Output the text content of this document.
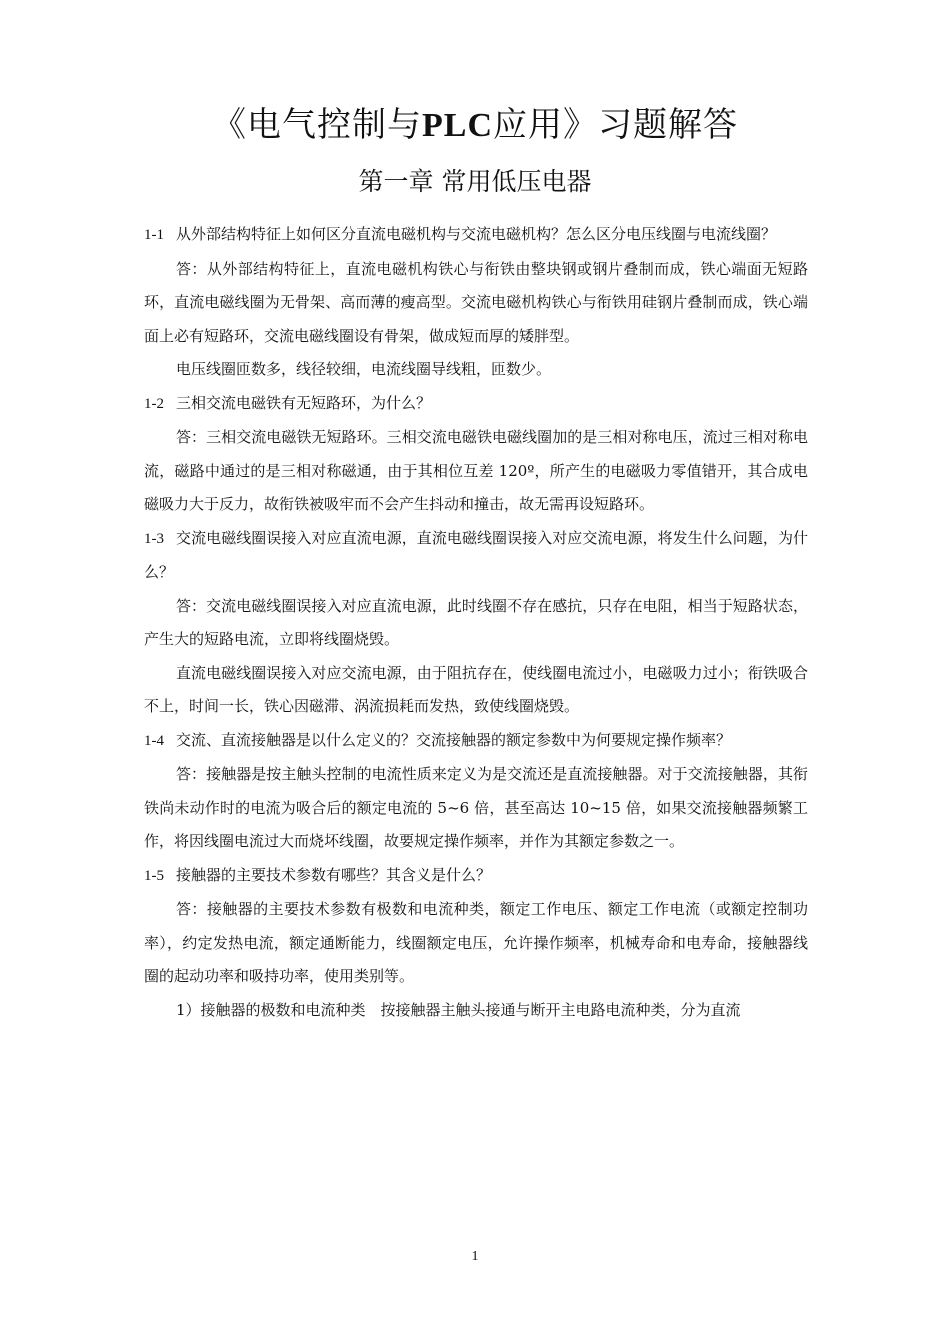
《电气控制与PLC应用》习题解答
第一章 常用低压电器

1-1 从外部结构特征上如何区分直流电磁机构与交流电磁机构？怎么区分电压线圈与电流线圈？

答：从外部结构特征上，直流电磁机构铁心与衔铁由整块钢或钢片叠制而成，铁心端面无短路环，直流电磁线圈为无骨架、高而薄的瘦高型。交流电磁机构铁心与衔铁用硅钢片叠制而成，铁心端面上必有短路环，交流电磁线圈设有骨架，做成短而厚的矮胖型。

电压线圈匝数多，线径较细，电流线圈导线粗，匝数少。

1-2 三相交流电磁铁有无短路环，为什么？

答：三相交流电磁铁无短路环。三相交流电磁铁电磁线圈加的是三相对称电压，流过三相对称电流，磁路中通过的是三相对称磁通，由于其相位互差 120º，所产生的电磁吸力零值错开，其合成电磁吸力大于反力，故衔铁被吸牢而不会产生抖动和撞击，故无需再设短路环。

1-3 交流电磁线圈误接入对应直流电源，直流电磁线圈误接入对应交流电源，将发生什么问题，为什么？

答：交流电磁线圈误接入对应直流电源，此时线圈不存在感抗，只存在电阻，相当于短路状态，产生大的短路电流，立即将线圈烧毁。

直流电磁线圈误接入对应交流电源，由于阻抗存在，使线圈电流过小，电磁吸力过小；衔铁吸合不上，时间一长，铁心因磁滞、涡流损耗而发热，致使线圈烧毁。

1-4 交流、直流接触器是以什么定义的？交流接触器的额定参数中为何要规定操作频率？

答：接触器是按主触头控制的电流性质来定义为是交流还是直流接触器。对于交流接触器，其衔铁尚未动作时的电流为吸合后的额定电流的 5~6 倍，甚至高达 10~15 倍，如果交流接触器频繁工作，将因线圈电流过大而烧坏线圈，故要规定操作频率，并作为其额定参数之一。

1-5 接触器的主要技术参数有哪些？其含义是什么？

答：接触器的主要技术参数有极数和电流种类，额定工作电压、额定工作电流（或额定控制功率），约定发热电流，额定通断能力，线圈额定电压，允许操作频率，机械寿命和电寿命，接触器线圈的起动功率和吸持功率，使用类别等。

1）接触器的极数和电流种类　按接触器主触头接通与断开主电路电流种类，分为直流

1
